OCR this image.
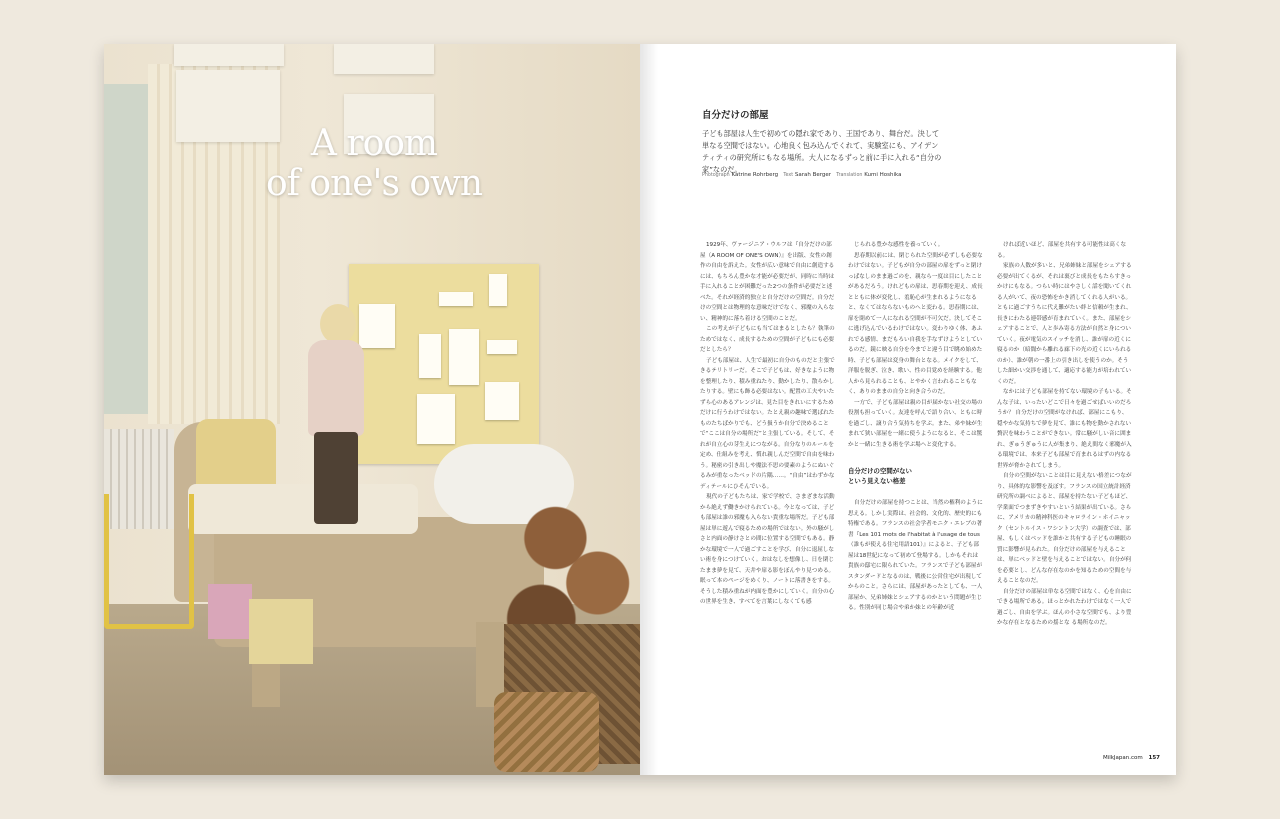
A room
of one's own
自分だけの部屋
子ども部屋は人生で初めての隠れ家であり、王国であり、舞台だ。決して単なる空間ではない。心地良く包み込んでくれて、実験室にも、アイデンティティの研究所にもなる場所。大人になるずっと前に手に入れる“自分の家”なのだ。
Photograph Katrine Rohrberg Text Sarah Berger Translation Kumi Hoshika

1929年、ヴァージニア・ウルフは『自分だけの部屋（A ROOM OF ONE'S OWN）』を出版、女性の創作の自由を訴えた。女性が広い意味で自由に創造するには、もちろん豊かな才能が必要だが、同時に当時は手に入れることが困難だった2つの条件が必要だと述べた。それが経済的独立と自分だけの空間だ。自分だけの空間とは物理的な意味だけでなく、邪魔の入らない、精神的に落ち着ける空間のことだ。

この考えが子どもにも当てはまるとしたら？執筆のためではなく、成長するための空間が子どもにも必要だとしたら？

子ども部屋は、人生で最初に自分のものだと主張できるテリトリーだ。そこで子どもは、好きなように物を整理したり、積み重ねたり、動かしたり、散らかしたりする。壁にも飾る必要はない。配置の工夫やいたずら心のあるアレンジは、見た目をきれいにするためだけに行うわけではない。たとえ親の趣味で選ばれたものたちばかりでも、どう扱うか自分で決めることで“ここは自分の場所だ”と主張している。そして、それが自立心の芽生えにつながる。自分なりのルールを定め、仕組みを考え、慣れ親しんだ空間で自由を味わう。秘密の引き出しや魔法不思の要素のようにぬいぐるみが重なったベッドの片隅……。“自由”はわずかなディテールにひそんでいる。

現代の子どもたちは、家で学校で、さまざまな活動から絶えず働きかけられている。今となっては、子ども部屋は誰の邪魔も入らない貴重な場所だ。子ども部屋は単に遊んで寝るための場所ではない。外の騒がしさと内面の静けさとの間に位置する空間でもある。静かな環境で一人で過ごすことを学び、自分に退屈しない術を身につけていく。おはなしを想像し、日を閉じたまま夢を見て、天井や扉る影をぼんやり見つめる。眠って本のページをめくり、ノートに落書きをする。そうした積み重ねが内面を豊かにしていく。自分の心の世界を生き、すべてを言葉にしなくても感

じられる豊かな感性を養っていく。

思春期以前には、閉じられた空間が必ずしも必要なわけではない。子どもが自分の部屋の扉をずっと閉けっぱなしのまま過ごのを、親なら一度は目にしたことがあるだろう。けれどもの扉は、思春期を迎え、成長とともに体が変化し、羞恥心が生まれるようになると、なくてはならないものへと変わる。思春期には、扉を閉めて一人になれる空間が不可欠だ。決してそこに逃げ込んでいるわけではない。変わりゆく体、あふれでる感情、まだもろい自我を手なずけようとしているのだ。鏡に映る自分を今までと違う目で眺め始めた時、子ども部屋は変身の舞台となる。メイクをして、洋服を脱ぎ、泣き、歌い、性の目覚めを経験する。他人から見られることも、とやかく言われることもなく、ありのままの自分と向き合うのだ。

一方で、子ども部屋は親の目が届かない社交の場の役割も担っていく。友達を呼んで語り合い、ともに時を過ごし、譲り合う気持ちを学ぶ。また、弟や妹が生まれて狭い部屋を一緒に使うようになると、そこは驚かと一緒に生きる術を学ぶ場へと変化する。

自分だけの空間がない
という見えない格差

自分だけの部屋を持つことは、当然の権利のように思える。しかし実際は、社会的、文化的、歴史的にも特権である。フランスの社会学者モニク・エレブの著書『Les 101 mots de l'habitat à l'usage de tous（誰もが使える住宅用語101）』によると、子ども部屋は18世紀になって初めて登場する。しかもそれは貴族の邸宅に限られていた。フランスで子ども部屋がスタンダードとなるのは、戦後に公営住宅が出現してからのこと。さらには、部屋があったとしても、一人部屋か、兄弟姉妹とシェアするのかという問題が生じる。性別が同じ場合や弟か妹との年齢が近

ければ近いほど、部屋を共有する可能性は高くなる。

家族の人数が多いと、兄弟姉妹と部屋をシェアする必要が出てくるが、それは裏びと成長をもたらすきっかけにもなる。つらい時にはやさしく話を聞いてくれる人がいて、夜の恐怖をかき消してくれる人がいる。ともに過ごすうちに代え難がたい絆と信頼が生まれ、長きにわたる連帯感が育まれていく。また、部屋をシェアすることで、人と歩み寄る方法が自然と身についていく。夜が電気のスイッチを消し、誰が扉の近くに寝るのか（暗闇から離れる廊下の光の近くにいられるのか）、誰が朝の一番上の引き出しを使うのか。そうした細かい交渉を通して、適応する能力が培われていくのだ。

なかには子ども部屋を持てない環境の子もいる。そんな子は、いったいどこで日々を過ごせばいいのだろうか？ 自分だけの空間がなければ、部屋にこもり、穏やかな気持ちで夢を見て、誰にも物を動かされない贅沢を味わうことができない。常に騒がしい音に囲まれ、ぎゅうぎゅうに人が集まり、絶え間なく邪魔が入る環境では、本来子ども部屋で育まれるはずの内なる世界が脅かされてしまう。

自分の空間がないことは目に見えない格差につながり、具体的な影響を及ぼす。フランスの国立統計経済研究所の調べによると、部屋を持たない子どもほど、学業面でつまずきやすいという結果が出ている。さらに、アメリカの精神科医のキャロライン・ホイニャック（セントルイス・ワシントン大学）の調査では、部屋、もしくはベッドを誰かと共有する子どもの睡眠の質に影響が見られた。自分だけの部屋を与えることは、単にベッドと壁を与えることではない。自分が何を必要とし、どんな存在なのかを知るための空間を与えることなのだ。

自分だけの部屋は単なる空間ではなく、心を自由にできる場所である。ほっとかれたわけではなく一人で過ごし、自由を学ぶ。ほんの小さな空間でも、より豊かな存在となるための揺とな る場所なのだ。

MilkJapan.com 157
